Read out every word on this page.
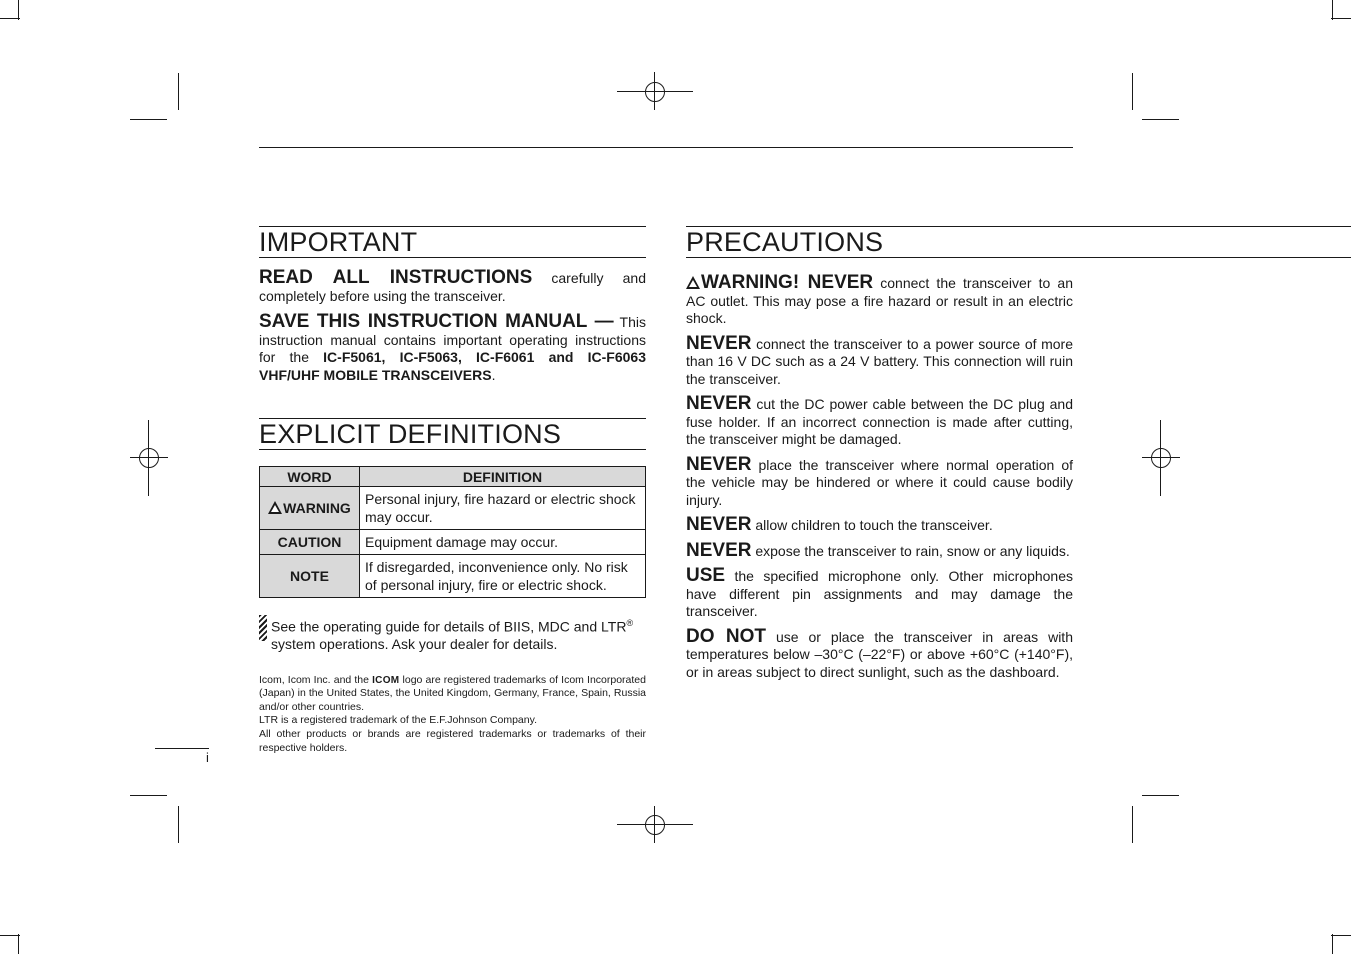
IMPORTANT

READ ALL INSTRUCTIONS carefully and completely before using the transceiver.

SAVE THIS INSTRUCTION MANUAL — This instruction manual contains important operating instructions for the IC-F5061, IC-F5063, IC-F6061 and IC-F6063 VHF/UHF MOBILE TRANSCEIVERS.

EXPLICIT DEFINITIONS
WORD	DEFINITION
WARNING	Personal injury, fire hazard or electric shock may occur.
CAUTION	Equipment damage may occur.
NOTE	If disregarded, inconvenience only. No risk of personal injury, fire or electric shock.
See the operating guide for details of BIIS, MDC and LTR® system operations. Ask your dealer for details.

Icom, Icom Inc. and the ICOM logo are registered trademarks of Icom Incorporated (Japan) in the United States, the United Kingdom, Germany, France, Spain, Russia and/or other countries.

LTR is a registered trademark of the E.F.Johnson Company.

All other products or brands are registered trademarks or trademarks of their respective holders.

i
PRECAUTIONS

WARNING! NEVER connect the transceiver to an AC outlet. This may pose a fire hazard or result in an electric shock.

NEVER connect the transceiver to a power source of more than 16 V DC such as a 24 V battery. This connection will ruin the transceiver.

NEVER cut the DC power cable between the DC plug and fuse holder. If an incorrect connection is made after cutting, the transceiver might be damaged.

NEVER place the transceiver where normal operation of the vehicle may be hindered or where it could cause bodily injury.

NEVER allow children to touch the transceiver.

NEVER expose the transceiver to rain, snow or any liquids.

USE the specified microphone only. Other microphones have different pin assignments and may damage the transceiver.

DO NOT use or place the transceiver in areas with temperatures below –30°C (–22°F) or above +60°C (+140°F), or in areas subject to direct sunlight, such as the dashboard.
